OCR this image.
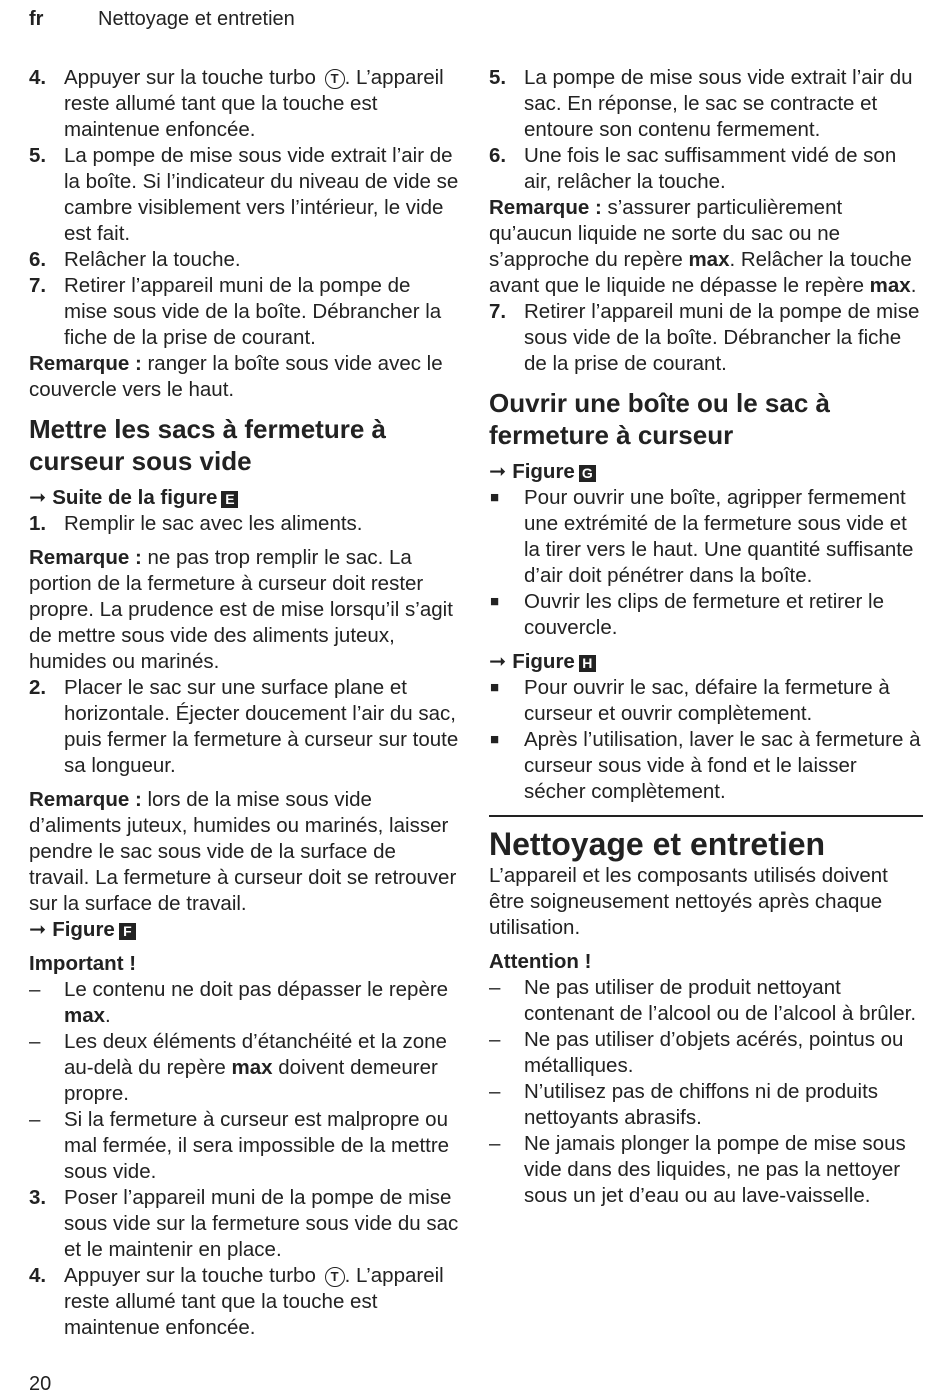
fr	Nettoyage et entretien
4. Appuyer sur la touche turbo T . L’appareil reste allumé tant que la touche est maintenue enfoncée.
5. La pompe de mise sous vide extrait l’air de la boîte. Si l’indicateur du niveau de vide se cambre visiblement vers l’intérieur, le vide est fait.
6. Relâcher la touche.
7. Retirer l’appareil muni de la pompe de mise sous vide de la boîte. Débrancher la fiche de la prise de courant.
Remarque : ranger la boîte sous vide avec le couvercle vers le haut.
Mettre les sacs à fermeture à curseur sous vide
➞ Suite de la figure E
1. Remplir le sac avec les aliments.
Remarque : ne pas trop remplir le sac. La portion de la fermeture à curseur doit rester propre. La prudence est de mise lorsqu’il s’agit de mettre sous vide des aliments juteux, humides ou marinés.
2. Placer le sac sur une surface plane et horizontale. Éjecter doucement l’air du sac, puis fermer la fermeture à curseur sur toute sa longueur.
Remarque : lors de la mise sous vide d’aliments juteux, humides ou marinés, laisser pendre le sac sous vide de la surface de travail. La fermeture à curseur doit se retrouver sur la surface de travail.
➞ Figure F
Important !
– Le contenu ne doit pas dépasser le repère max.
– Les deux éléments d’étanchéité et la zone au-delà du repère max doivent demeurer propre.
– Si la fermeture à curseur est malpropre ou mal fermée, il sera impossible de la mettre sous vide.
3. Poser l’appareil muni de la pompe de mise sous vide sur la fermeture sous vide du sac et le maintenir en place.
4. Appuyer sur la touche turbo T . L’appareil reste allumé tant que la touche est maintenue enfoncée.
5. La pompe de mise sous vide extrait l’air du sac. En réponse, le sac se contracte et entoure son contenu fermement.
6. Une fois le sac suffisamment vidé de son air, relâcher la touche.
Remarque : s’assurer particulièrement qu’aucun liquide ne sorte du sac ou ne s’approche du repère max. Relâcher la touche avant que le liquide ne dépasse le repère max.
7. Retirer l’appareil muni de la pompe de mise sous vide de la boîte. Débrancher la fiche de la prise de courant.
Ouvrir une boîte ou le sac à fermeture à curseur
➞ Figure G
■ Pour ouvrir une boîte, agripper fermement une extrémité de la fermeture sous vide et la tirer vers le haut. Une quantité suffisante d’air doit pénétrer dans la boîte.
■ Ouvrir les clips de fermeture et retirer le couvercle.
➞ Figure H
■ Pour ouvrir le sac, défaire la fermeture à curseur et ouvrir complètement.
■ Après l’utilisation, laver le sac à fermeture à curseur sous vide à fond et le laisser sécher complètement.
Nettoyage et entretien
L’appareil et les composants utilisés doivent être soigneusement nettoyés après chaque utilisation.
Attention !
– Ne pas utiliser de produit nettoyant contenant de l’alcool ou de l’alcool à brûler.
– Ne pas utiliser d’objets acérés, pointus ou métalliques.
– N’utilisez pas de chiffons ni de produits nettoyants abrasifs.
– Ne jamais plonger la pompe de mise sous vide dans des liquides, ne pas la nettoyer sous un jet d’eau ou au lave-vaisselle.
20
